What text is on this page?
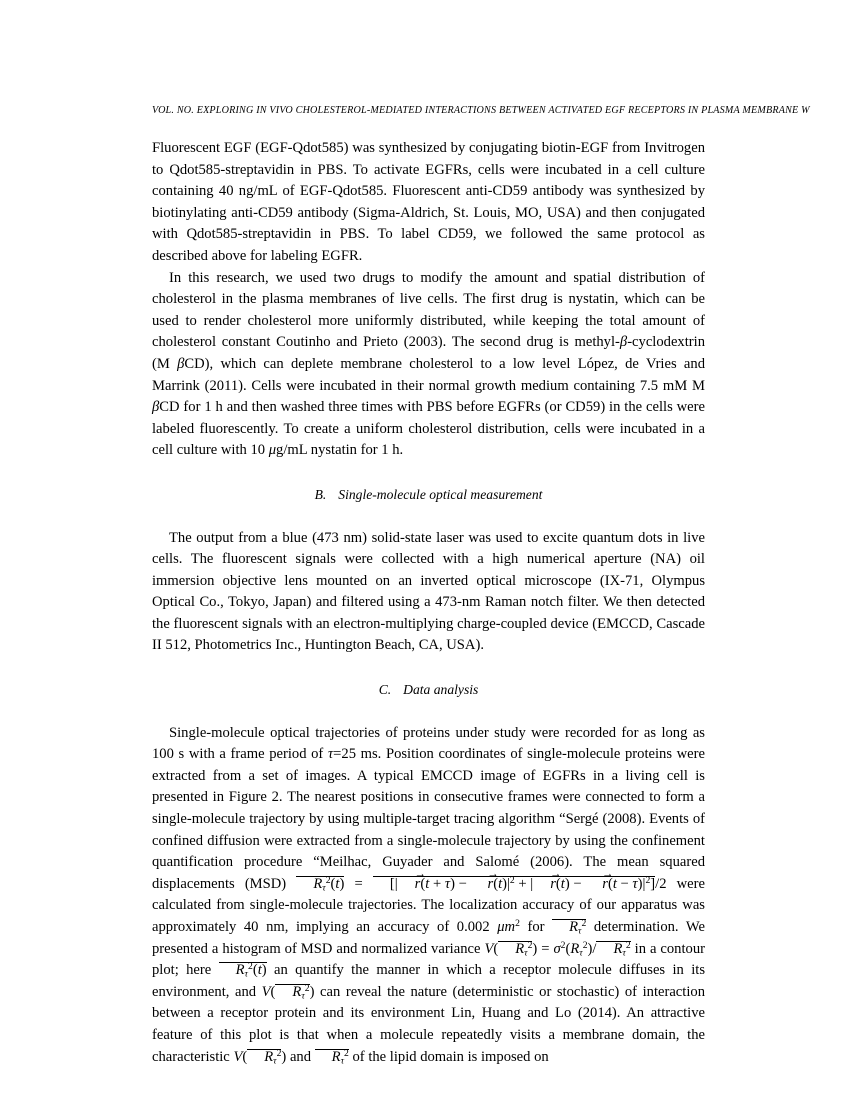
VOL. NO. EXPLORING IN VIVO CHOLESTEROL-MEDIATED INTERACTIONS BETWEEN ACTIVATED EGF RECEPTORS IN PLASMA MEMBRANE W

Fluorescent EGF (EGF-Qdot585) was synthesized by conjugating biotin-EGF from Invitrogen to Qdot585-streptavidin in PBS. To activate EGFRs, cells were incubated in a cell culture containing 40 ng/mL of EGF-Qdot585. Fluorescent anti-CD59 antibody was synthesized by biotinylating anti-CD59 antibody (Sigma-Aldrich, St. Louis, MO, USA) and then conjugated with Qdot585-streptavidin in PBS. To label CD59, we followed the same protocol as described above for labeling EGFR.

In this research, we used two drugs to modify the amount and spatial distribution of cholesterol in the plasma membranes of live cells. The first drug is nystatin, which can be used to render cholesterol more uniformly distributed, while keeping the total amount of cholesterol constant Coutinho and Prieto (2003). The second drug is methyl-β-cyclodextrin (M βCD), which can deplete membrane cholesterol to a low level López, de Vries and Marrink (2011). Cells were incubated in their normal growth medium containing 7.5 mM M βCD for 1 h and then washed three times with PBS before EGFRs (or CD59) in the cells were labeled fluorescently. To create a uniform cholesterol distribution, cells were incubated in a cell culture with 10 μg/mL nystatin for 1 h.

B. Single-molecule optical measurement

The output from a blue (473 nm) solid-state laser was used to excite quantum dots in live cells. The fluorescent signals were collected with a high numerical aperture (NA) oil immersion objective lens mounted on an inverted optical microscope (IX-71, Olympus Optical Co., Tokyo, Japan) and filtered using a 473-nm Raman notch filter. We then detected the fluorescent signals with an electron-multiplying charge-coupled device (EMCCD, Cascade II 512, Photometrics Inc., Huntington Beach, CA, USA).

C. Data analysis

Single-molecule optical trajectories of proteins under study were recorded for as long as 100 s with a frame period of τ=25 ms. Position coordinates of single-molecule proteins were extracted from a set of images. A typical EMCCD image of EGFRs in a living cell is presented in Figure 2. The nearest positions in consecutive frames were connected to form a single-molecule trajectory by using multiple-target tracing algorithm “Sergé (2008). Events of confined diffusion were extracted from a single-molecule trajectory by using the confinement quantification procedure “Meilhac, Guyader and Salomé (2006). The mean squared displacements (MSD) $R_\tau^2(t)$ = [| $r \to(t + \tau) - r \to(t)|^2$ + | $r \to(t) - r \to(t - \tau)|^2]/2$ were calculated from single-molecule trajectories. The localization accuracy of our apparatus was approximately 40 nm, implying an accuracy of 0.002 $\mu m^2$ for $R_\tau^2$ determination. We presented a histogram of MSD and normalized variance V( $R_\tau^2) = \sigma^2(R_\tau^2)/$ $R_\tau^2$ in a contour plot; here $R_\tau^2(t)$ an quantify the manner in which a receptor molecule diffuses in its environment, and V( $R_\tau^2$) can reveal the nature (deterministic or stochastic) of interaction between a receptor protein and its environment Lin, Huang and Lo (2014). An attractive feature of this plot is that when a molecule repeatedly visits a membrane domain, the characteristic V( $R_\tau^2$) and $R_\tau^2$ of the lipid domain is imposed on
